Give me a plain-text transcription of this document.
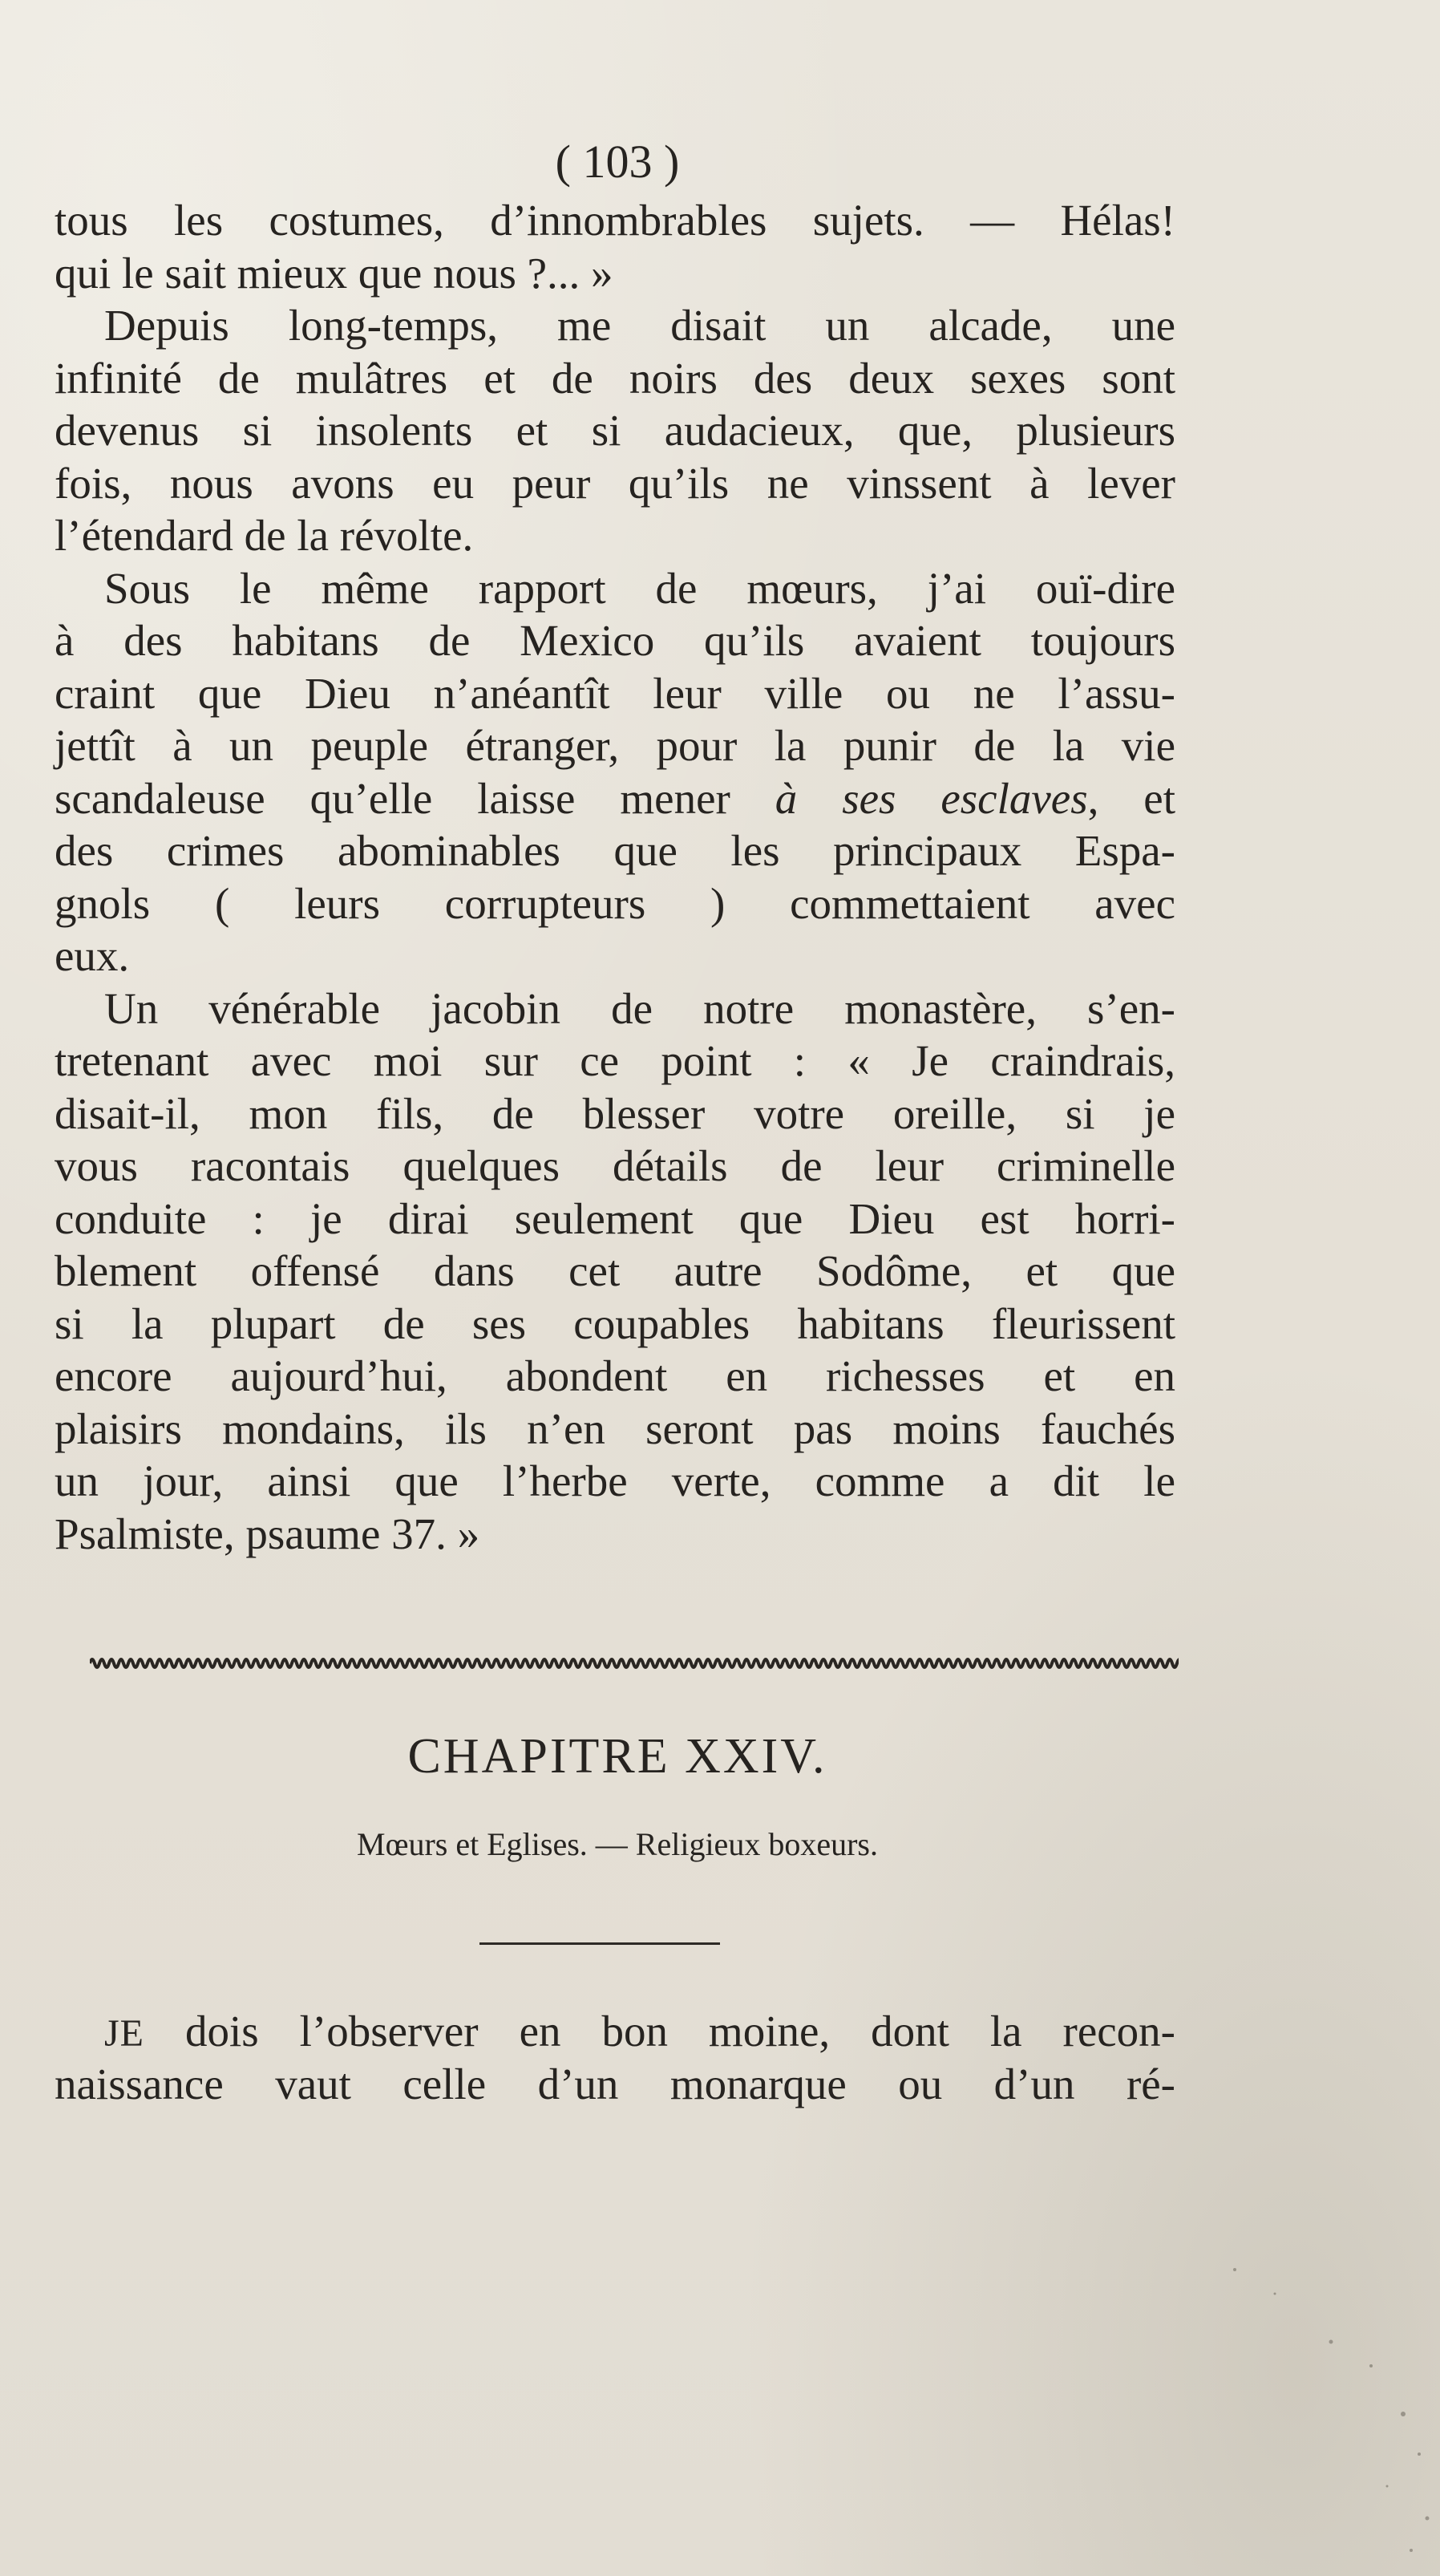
( 103 )
tous les costumes, d’innombrables sujets. — Hélas!
qui le sait mieux que nous ?... »
Depuis long-temps, me disait un alcade, une
infinité de mulâtres et de noirs des deux sexes sont
devenus si insolents et si audacieux, que, plusieurs
fois, nous avons eu peur qu’ils ne vinssent à lever
l’étendard de la révolte.
Sous le même rapport de mœurs, j’ai ouï-dire
à des habitans de Mexico qu’ils avaient toujours
craint que Dieu n’anéantît leur ville ou ne l’assu-
jettît à un peuple étranger, pour la punir de la vie
scandaleuse qu’elle laisse mener à ses esclaves, et
des crimes abominables que les principaux Espa-
gnols ( leurs corrupteurs ) commettaient avec
eux.
Un vénérable jacobin de notre monastère, s’en-
tretenant avec moi sur ce point : « Je craindrais,
disait-il, mon fils, de blesser votre oreille, si je
vous racontais quelques détails de leur criminelle
conduite : je dirai seulement que Dieu est horri-
blement offensé dans cet autre Sodôme, et que
si la plupart de ses coupables habitans fleurissent
encore aujourd’hui, abondent en richesses et en
plaisirs mondains, ils n’en seront pas moins fauchés
un jour, ainsi que l’herbe verte, comme a dit le
Psalmiste, psaume 37. »
CHAPITRE XXIV.
Mœurs et Eglises. — Religieux boxeurs.
JE dois l’observer en bon moine, dont la recon-
naissance vaut celle d’un monarque ou d’un ré-
